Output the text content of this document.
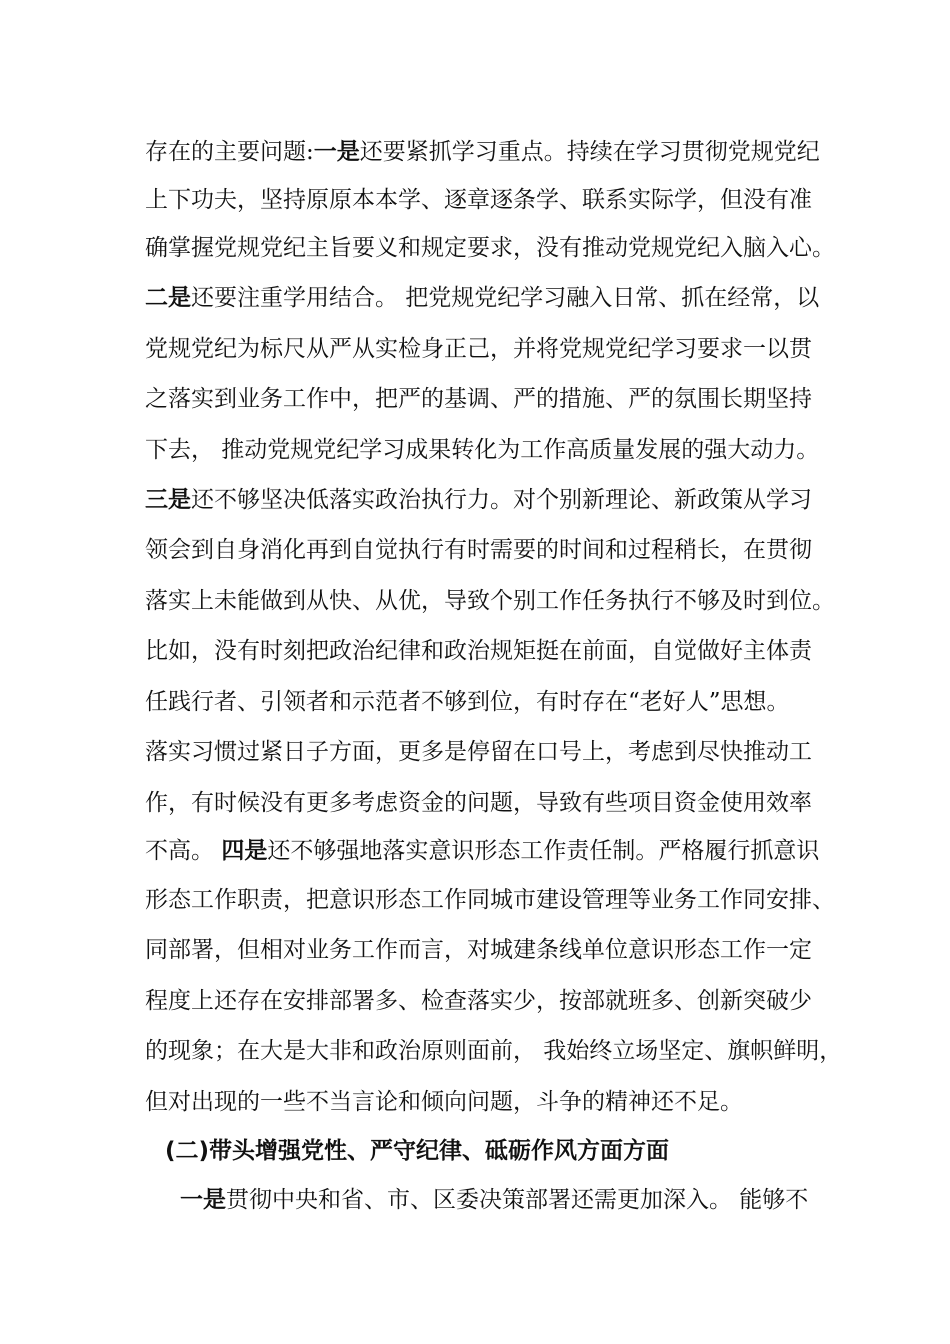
存在的主要问题:一是还要紧抓学习重点。持续在学习贯彻党规党纪
上下功夫，坚持原原本本学、逐章逐条学、联系实际学，但没有准
确掌握党规党纪主旨要义和规定要求，没有推动党规党纪入脑入心。
二是还要注重学用结合。 把党规党纪学习融入日常、抓在经常，以
党规党纪为标尺从严从实检身正己，并将党规党纪学习要求一以贯
之落实到业务工作中，把严的基调、严的措施、严的氛围长期坚持
下去， 推动党规党纪学习成果转化为工作高质量发展的强大动力。
三是还不够坚决低落实政治执行力。对个别新理论、新政策从学习
领会到自身消化再到自觉执行有时需要的时间和过程稍长，在贯彻
落实上未能做到从快、从优，导致个别工作任务执行不够及时到位。
比如，没有时刻把政治纪律和政治规矩挺在前面，自觉做好主体责
任践行者、引领者和示范者不够到位，有时存在“老好人”思想。
落实习惯过紧日子方面，更多是停留在口号上，考虑到尽快推动工
作，有时候没有更多考虑资金的问题，导致有些项目资金使用效率
不高。 四是还不够强地落实意识形态工作责任制。严格履行抓意识
形态工作职责，把意识形态工作同城市建设管理等业务工作同安排、
同部署，但相对业务工作而言，对城建条线单位意识形态工作一定
程度上还存在安排部署多、检查落实少，按部就班多、创新突破少
的现象；在大是大非和政治原则面前， 我始终立场坚定、旗帜鲜明，
但对出现的一些不当言论和倾向问题，斗争的精神还不足。
(二)带头增强党性、严守纪律、砥砺作风方面方面
一是贯彻中央和省、市、区委决策部署还需更加深入。 能够不
